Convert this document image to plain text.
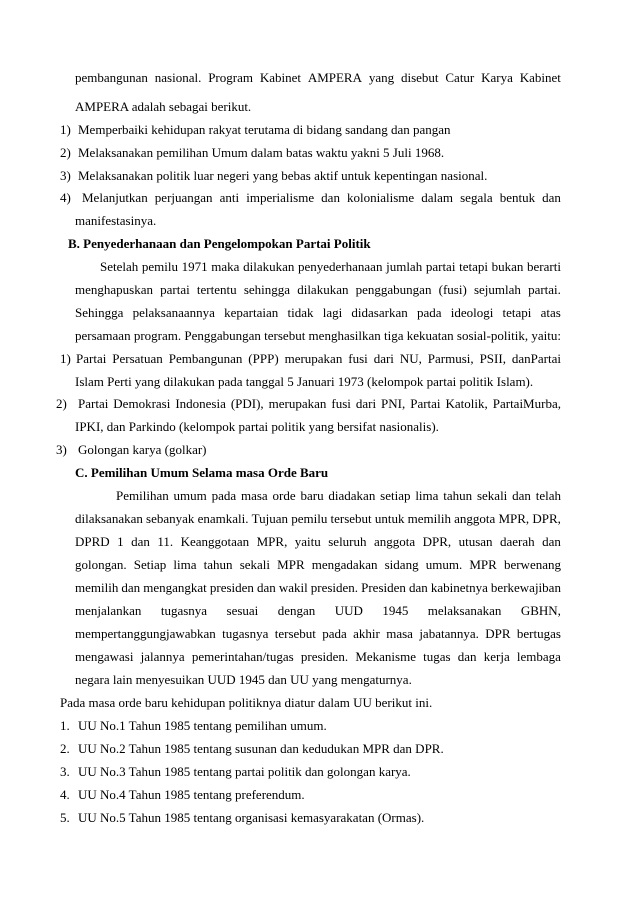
pembangunan nasional. Program Kabinet AMPERA yang disebut Catur Karya Kabinet
AMPERA adalah sebagai berikut.
1) Memperbaiki kehidupan rakyat terutama di bidang sandang dan pangan
2) Melaksanakan pemilihan Umum dalam batas waktu yakni 5 Juli 1968.
3) Melaksanakan politik luar negeri yang bebas aktif untuk kepentingan nasional.
4) Melanjutkan perjuangan anti imperialisme dan kolonialisme dalam segala bentuk dan
manifestasinya.
B. Penyederhanaan dan Pengelompokan Partai Politik
Setelah pemilu 1971 maka dilakukan penyederhanaan jumlah partai tetapi bukan berarti
menghapuskan partai tertentu sehingga dilakukan penggabungan (fusi) sejumlah partai.
Sehingga pelaksanaannya kepartaian tidak lagi didasarkan pada ideologi tetapi atas
persamaan program. Penggabungan tersebut menghasilkan tiga kekuatan sosial-politik, yaitu:
1) Partai Persatuan Pembangunan (PPP) merupakan fusi dari NU, Parmusi, PSII, danPartai
Islam Perti yang dilakukan pada tanggal 5 Januari 1973 (kelompok partai politik Islam).
2) Partai Demokrasi Indonesia (PDI), merupakan fusi dari PNI, Partai Katolik, PartaiMurba,
IPKI, dan Parkindo (kelompok partai politik yang bersifat nasionalis).
3) Golongan karya (golkar)
C. Pemilihan Umum Selama masa Orde Baru
Pemilihan umum pada masa orde baru diadakan setiap lima tahun sekali dan telah
dilaksanakan sebanyak enamkali. Tujuan pemilu tersebut untuk memilih anggota MPR, DPR,
DPRD 1 dan 11. Keanggotaan MPR, yaitu seluruh anggota DPR, utusan daerah dan
golongan. Setiap lima tahun sekali MPR mengadakan sidang umum. MPR berwenang
memilih dan mengangkat presiden dan wakil presiden. Presiden dan kabinetnya berkewajiban
menjalankan tugasnya sesuai dengan UUD 1945 melaksanakan GBHN,
mempertanggungjawabkan tugasnya tersebut pada akhir masa jabatannya. DPR bertugas
mengawasi jalannya pemerintahan/tugas presiden. Mekanisme tugas dan kerja lembaga
negara lain menyesuikan UUD 1945 dan UU yang mengaturnya.
Pada masa orde baru kehidupan politiknya diatur dalam UU berikut ini.
1. UU No.1 Tahun 1985 tentang pemilihan umum.
2. UU No.2 Tahun 1985 tentang susunan dan kedudukan MPR dan DPR.
3. UU No.3 Tahun 1985 tentang partai politik dan golongan karya.
4. UU No.4 Tahun 1985 tentang preferendum.
5. UU No.5 Tahun 1985 tentang organisasi kemasyarakatan (Ormas).
